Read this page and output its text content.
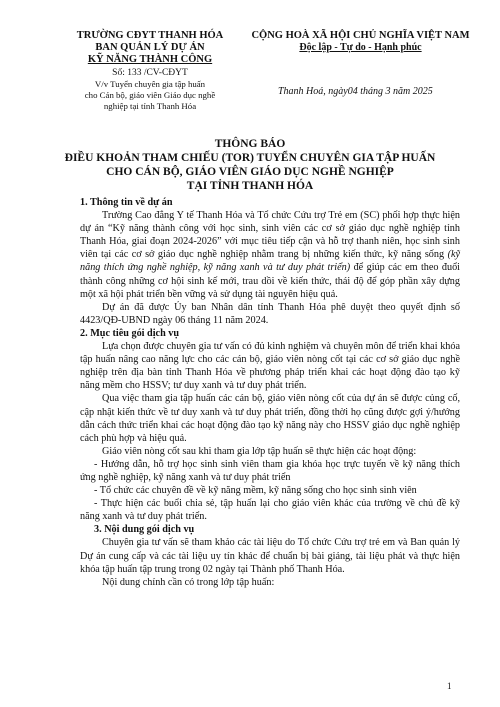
TRƯỜNG CĐYT THANH HÓA
BAN QUẢN LÝ DỰ ÁN
KỸ NĂNG THÀNH CÔNG
Số: 133 /CV-CĐYT
V/v Tuyển chuyên gia tập huấn
cho Cán bộ, giáo viên Giáo dục nghề
nghiệp tại tỉnh Thanh Hóa
CỘNG HOÀ XÃ HỘI CHỦ NGHĨA VIỆT NAM
Độc lập - Tự do - Hạnh phúc
Thanh Hoá, ngày04 tháng 3 năm 2025
THÔNG BÁO
ĐIỀU KHOẢN THAM CHIẾU (TOR) TUYỂN CHUYÊN GIA TẬP HUẤN
CHO CÁN BỘ, GIÁO VIÊN GIÁO DỤC NGHỀ NGHIỆP
TẠI TỈNH THANH HÓA

1. Thông tin về dự án

Trường Cao đẳng Y tế Thanh Hóa và Tổ chức Cứu trợ Trẻ em (SC) phối hợp thực hiện dự án “Kỹ năng thành công với học sinh, sinh viên các cơ sở giáo dục nghề nghiệp tỉnh Thanh Hóa, giai đoạn 2024-2026” với mục tiêu tiếp cận và hỗ trợ thanh niên, học sinh sinh viên tại các cơ sở giáo dục nghề nghiệp nhằm trang bị những kiến thức, kỹ năng sống (kỹ năng thích ứng nghề nghiệp, kỹ năng xanh và tư duy phát triển) để giúp các em theo đuổi thành công những cơ hội sinh kế mới, trau dồi về kiến thức, thái độ để góp phần xây dựng một xã hội phát triển bền vững và sử dụng tài nguyên hiệu quả.

Dự án đã được Ủy ban Nhân dân tỉnh Thanh Hóa phê duyệt theo quyết định số 4423/QĐ-UBND ngày 06 tháng 11 năm 2024.

2. Mục tiêu gói dịch vụ

Lựa chọn được chuyên gia tư vấn có đủ kinh nghiệm và chuyên môn để triển khai khóa tập huấn nâng cao năng lực cho các cán bộ, giáo viên nòng cốt tại các cơ sở giáo dục nghề nghiệp trên địa bàn tỉnh Thanh Hóa về phương pháp triển khai các hoạt động đào tạo kỹ năng mềm cho HSSV; tư duy xanh và tư duy phát triển.

Qua việc tham gia tập huấn các cán bộ, giáo viên nòng cốt của dự án sẽ được củng cố, cập nhật kiến thức về tư duy xanh và tư duy phát triển, đồng thời họ cũng được gợi ý/hướng dẫn cách thức triển khai các hoạt động đào tạo kỹ năng này cho HSSV giáo dục nghề nghiệp cách phù hợp và hiệu quả.

Giáo viên nòng cốt sau khi tham gia lớp tập huấn sẽ thực hiện các hoạt động:

- Hướng dẫn, hỗ trợ học sinh sinh viên tham gia khóa học trực tuyến về kỹ năng thích ứng nghề nghiệp, kỹ năng xanh và tư duy phát triển

- Tổ chức các chuyên đề về kỹ năng mềm, kỹ năng sống cho học sinh sinh viên

- Thực hiện các buổi chia sẻ, tập huấn lại cho giáo viên khác của trường về chủ đề kỹ năng xanh và tư duy phát triển.

3. Nội dung gói dịch vụ

Chuyên gia tư vấn sẽ tham khảo các tài liệu do Tổ chức Cứu trợ trẻ em và Ban quản lý Dự án cung cấp và các tài liệu uy tín khác để chuẩn bị bài giảng, tài liệu phát và thực hiện khóa tập huấn tập trung trong 02 ngày tại Thành phố Thanh Hóa.

Nội dung chính cần có trong lớp tập huấn:

1
